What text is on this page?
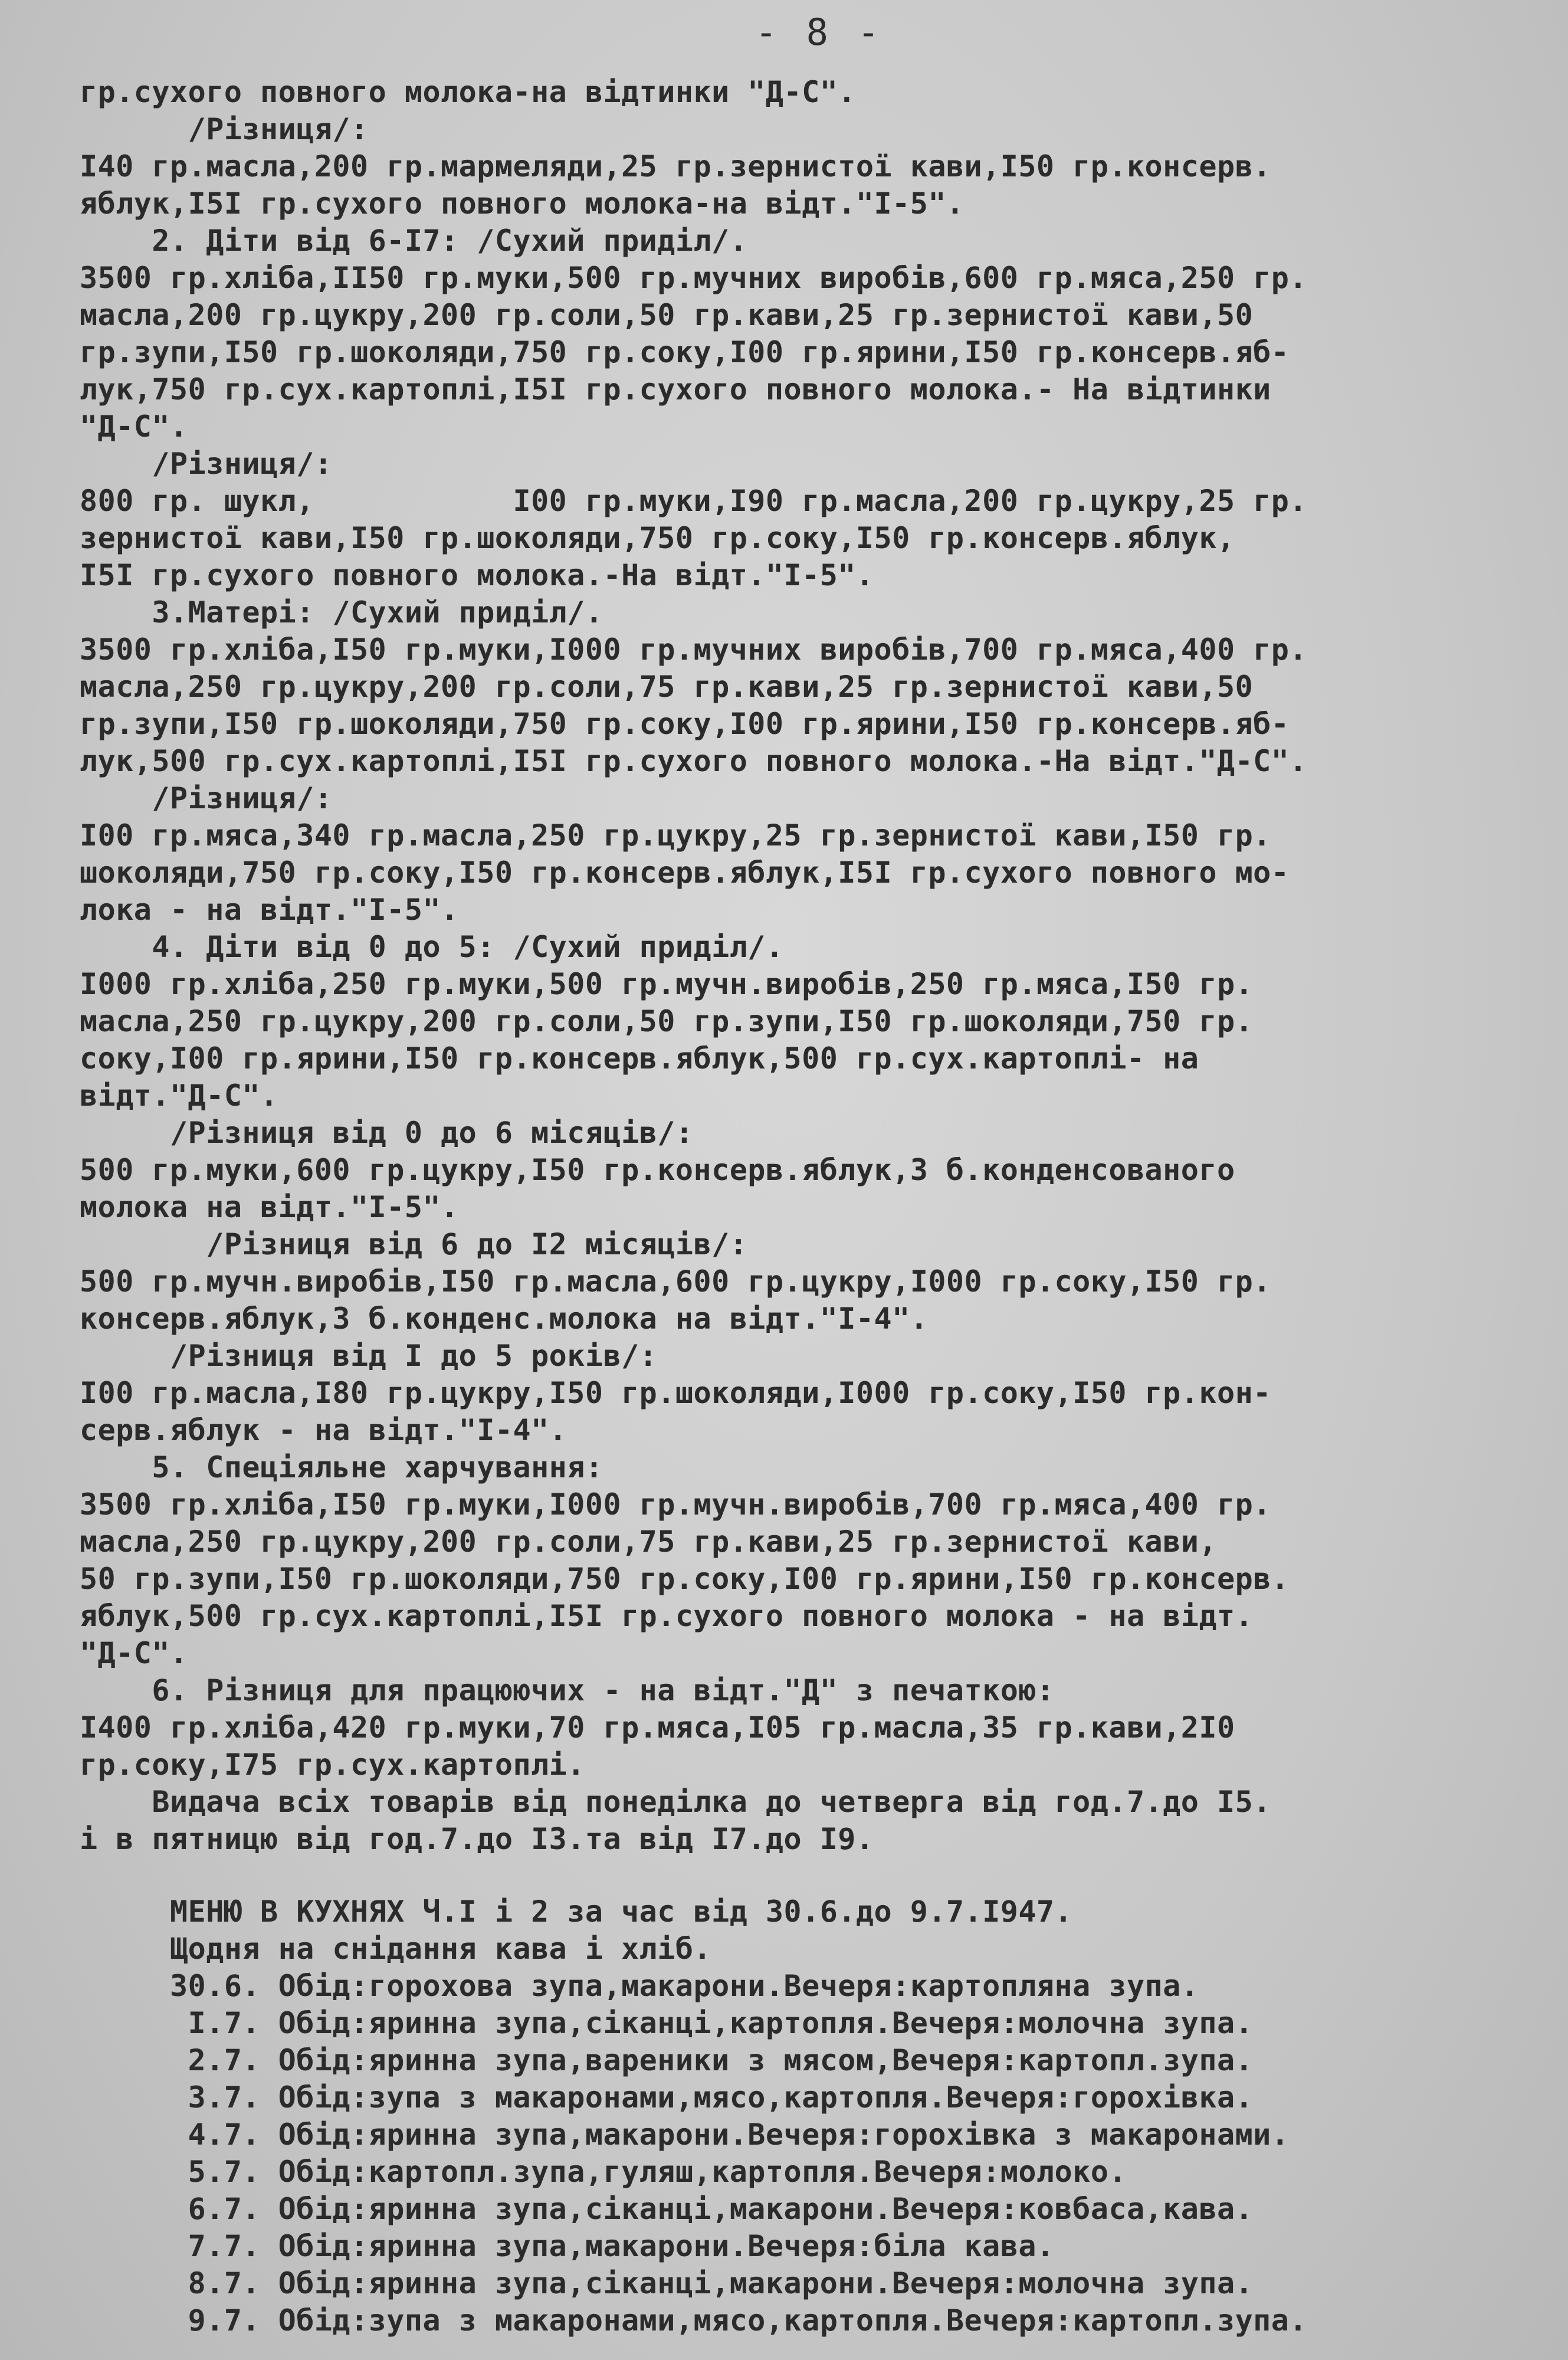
- 8 -
гр.сухого повного молока-на відтинки "Д-С".
/Різниця/:
I40 гр.масла,200 гр.мармеляди,25 гр.зернистої кави,I50 гр.консерв.
яблук,I5I гр.сухого повного молока-на відт."I-5".
2. Діти від 6-I7: /Сухий приділ/.
3500 гр.хліба,II50 гр.муки,500 гр.мучних виробів,600 гр.мяса,250 гр.
масла,200 гр.цукру,200 гр.соли,50 гр.кави,25 гр.зернистої кави,50
гр.зупи,I50 гр.шоколяди,750 гр.соку,I00 гр.ярини,I50 гр.консерв.яб-
лук,750 гр.сух.картоплі,I5I гр.сухого повного молока.- На відтинки
"Д-С".
/Різниця/:
800 гр. шукл,           I00 гр.муки,I90 гр.масла,200 гр.цукру,25 гр.
зернистої кави,I50 гр.шоколяди,750 гр.соку,I50 гр.консерв.яблук,
I5I гр.сухого повного молока.-На відт."I-5".
3.Матері: /Сухий приділ/.
3500 гр.хліба,I50 гр.муки,I000 гр.мучних виробів,700 гр.мяса,400 гр.
масла,250 гр.цукру,200 гр.соли,75 гр.кави,25 гр.зернистої кави,50
гр.зупи,I50 гр.шоколяди,750 гр.соку,I00 гр.ярини,I50 гр.консерв.яб-
лук,500 гр.сух.картоплі,I5I гр.сухого повного молока.-На відт."Д-С".
/Різниця/:
I00 гр.мяса,340 гр.масла,250 гр.цукру,25 гр.зернистої кави,I50 гр.
шоколяди,750 гр.соку,I50 гр.консерв.яблук,I5I гр.сухого повного мо-
лока - на відт."I-5".
4. Діти від 0 до 5: /Сухий приділ/.
I000 гр.хліба,250 гр.муки,500 гр.мучн.виробів,250 гр.мяса,I50 гр.
масла,250 гр.цукру,200 гр.соли,50 гр.зупи,I50 гр.шоколяди,750 гр.
соку,I00 гр.ярини,I50 гр.консерв.яблук,500 гр.сух.картоплі- на
відт."Д-С".
/Різниця від 0 до 6 місяців/:
500 гр.муки,600 гр.цукру,I50 гр.консерв.яблук,3 б.конденсованого
молока на відт."I-5".
/Різниця від 6 до I2 місяців/:
500 гр.мучн.виробів,I50 гр.масла,600 гр.цукру,I000 гр.соку,I50 гр.
консерв.яблук,3 б.конденс.молока на відт."I-4".
/Різниця від I до 5 років/:
I00 гр.масла,I80 гр.цукру,I50 гр.шоколяди,I000 гр.соку,I50 гр.кон-
серв.яблук - на відт."I-4".
5. Спеціяльне харчування:
3500 гр.хліба,I50 гр.муки,I000 гр.мучн.виробів,700 гр.мяса,400 гр.
масла,250 гр.цукру,200 гр.соли,75 гр.кави,25 гр.зернистої кави,
50 гр.зупи,I50 гр.шоколяди,750 гр.соку,I00 гр.ярини,I50 гр.консерв.
яблук,500 гр.сух.картоплі,I5I гр.сухого повного молока - на відт.
"Д-С".
6. Різниця для працюючих - на відт."Д" з печаткою:
I400 гр.хліба,420 гр.муки,70 гр.мяса,I05 гр.масла,35 гр.кави,2I0
гр.соку,I75 гр.сух.картоплі.
Видача всіх товарів від понеділка до четверга від год.7.до I5.
і в пятницю від год.7.до I3.та від I7.до I9.
МЕНЮ В КУХНЯХ Ч.I і 2 за час від 30.6.до 9.7.I947.
Щодня на снідання кава і хліб.
30.6. Обід:горохова зупа,макарони.Вечеря:картопляна зупа.
I.7. Обід:яринна зупа,сіканці,картопля.Вечеря:молочна зупа.
2.7. Обід:яринна зупа,вареники з мясом,Вечеря:картопл.зупа.
3.7. Обід:зупа з макаронами,мясо,картопля.Вечеря:горохівка.
4.7. Обід:яринна зупа,макарони.Вечеря:горохівка з макаронами.
5.7. Обід:картопл.зупа,гуляш,картопля.Вечеря:молоко.
6.7. Обід:яринна зупа,сіканці,макарони.Вечеря:ковбаса,кава.
7.7. Обід:яринна зупа,макарони.Вечеря:біла кава.
8.7. Обід:яринна зупа,сіканці,макарони.Вечеря:молочна зупа.
9.7. Обід:зупа з макаронами,мясо,картопля.Вечеря:картопл.зупа.
